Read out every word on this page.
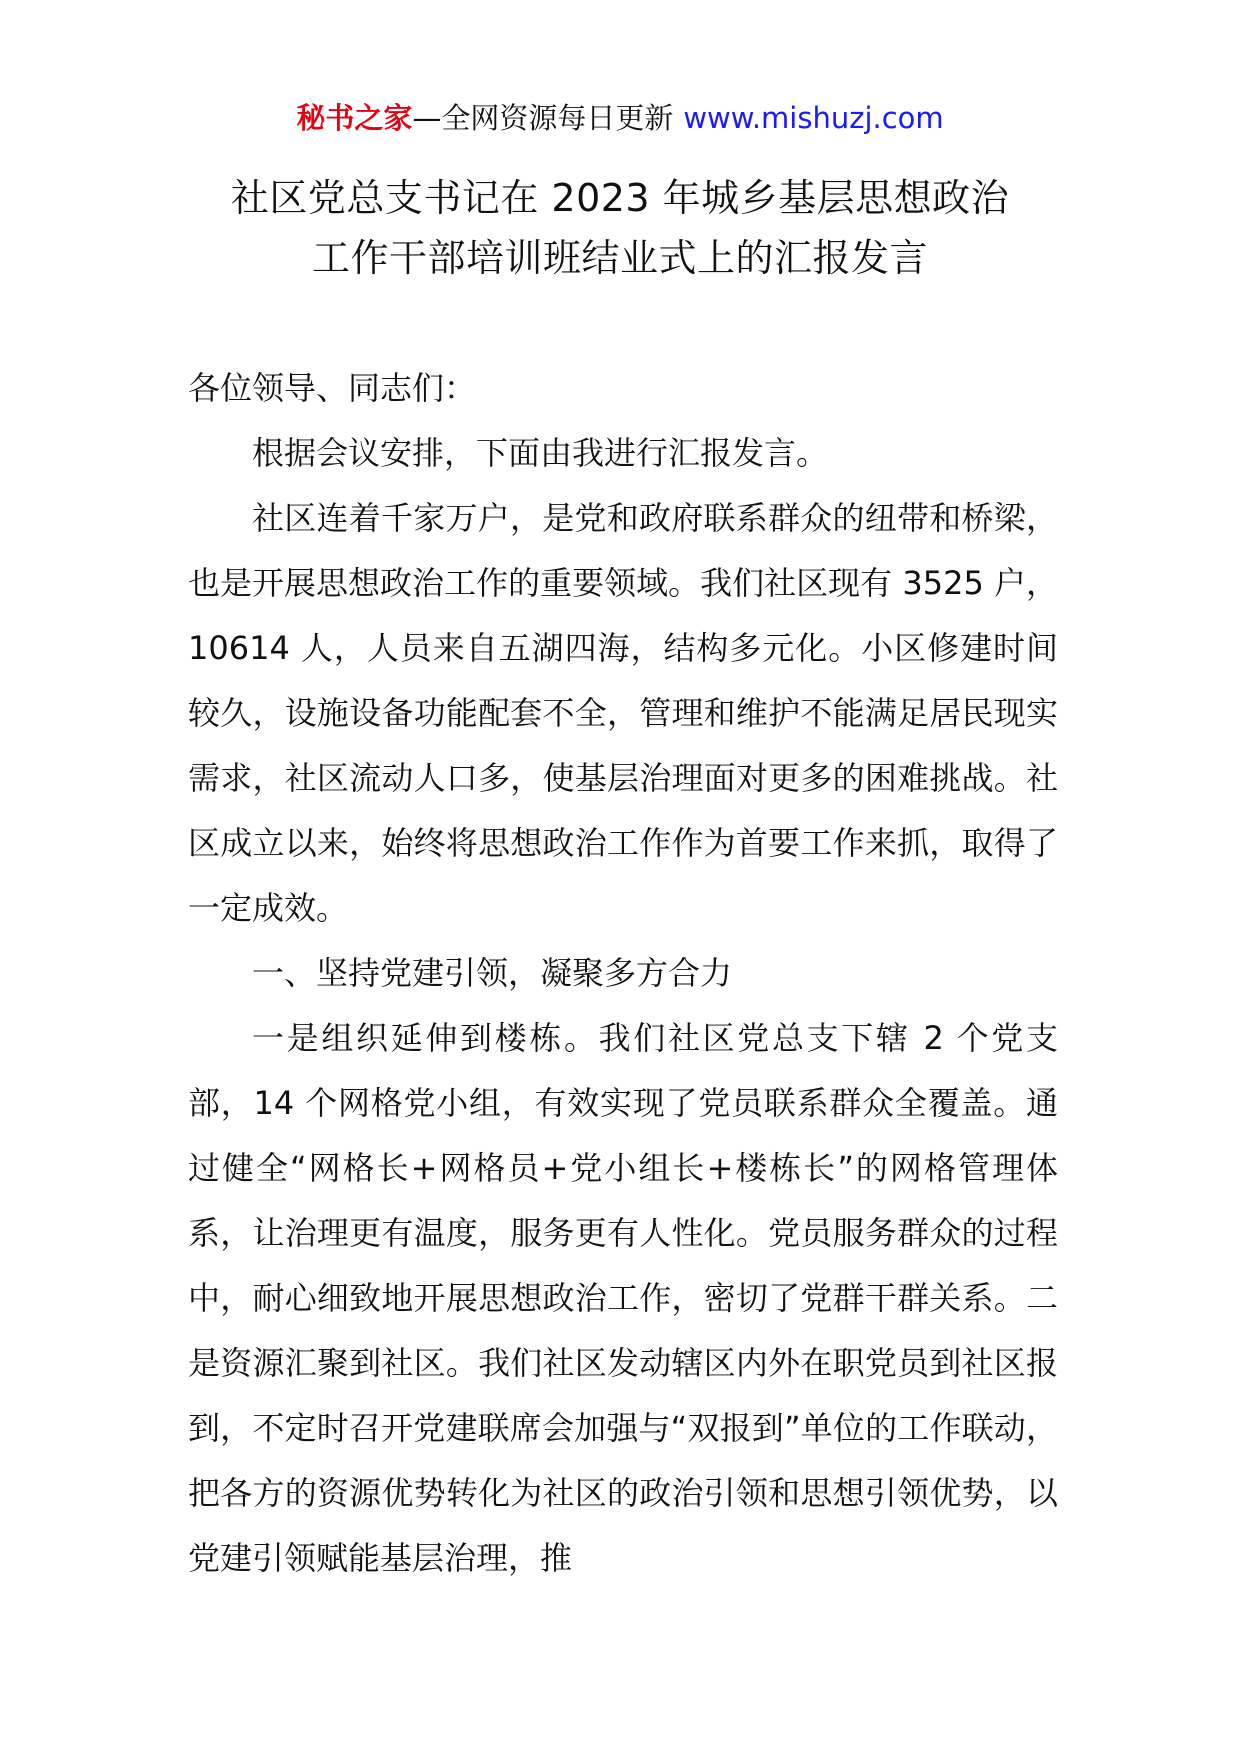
秘书之家—全网资源每日更新 www.mishuzj.com
社区党总支书记在 2023 年城乡基层思想政治
工作干部培训班结业式上的汇报发言

各位领导、同志们：

根据会议安排，下面由我进行汇报发言。

社区连着千家万户，是党和政府联系群众的纽带和桥梁，也是开展思想政治工作的重要领域。我们社区现有 3525 户，10614 人，人员来自五湖四海，结构多元化。小区修建时间较久，设施设备功能配套不全，管理和维护不能满足居民现实需求，社区流动人口多，使基层治理面对更多的困难挑战。社区成立以来，始终将思想政治工作作为首要工作来抓，取得了一定成效。

一、坚持党建引领，凝聚多方合力

一是组织延伸到楼栋。我们社区党总支下辖 2 个党支部，14 个网格党小组，有效实现了党员联系群众全覆盖。通过健全“网格长+网格员+党小组长+楼栋长”的网格管理体系，让治理更有温度，服务更有人性化。党员服务群众的过程中，耐心细致地开展思想政治工作，密切了党群干群关系。二是资源汇聚到社区。我们社区发动辖区内外在职党员到社区报到，不定时召开党建联席会加强与“双报到”单位的工作联动，把各方的资源优势转化为社区的政治引领和思想引领优势，以党建引领赋能基层治理，推
